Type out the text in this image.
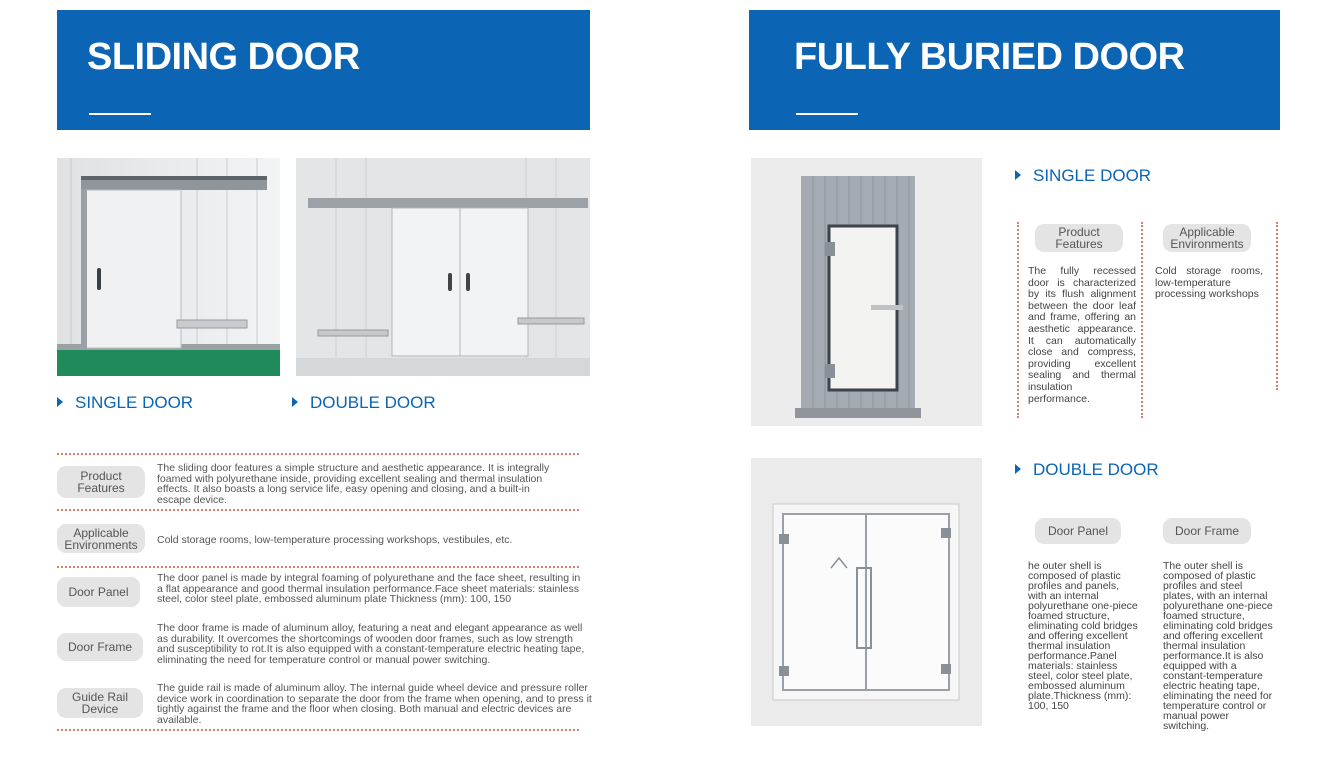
SLIDING DOOR
SINGLE DOOR	DOUBLE DOOR
Product Features
The sliding door features a simple structure and aesthetic appearance. It is integrally foamed with polyurethane inside, providing excellent sealing and thermal insulation effects. It also boasts a long service life, easy opening and closing, and a built-in escape device.
Applicable Environments	Cold storage rooms, low-temperature processing workshops, vestibules, etc.
Door Panel
The door panel is made by integral foaming of polyurethane and the face sheet, resulting in a flat appearance and good thermal insulation performance.Face sheet materials: stainless steel, color steel plate, embossed aluminum plate Thickness (mm): 100, 150
Door Frame
The door frame is made of aluminum alloy, featuring a neat and elegant appearance as well as durability. It overcomes the shortcomings of wooden door frames, such as low strength and susceptibility to rot.It is also equipped with a constant-temperature electric heating tape, eliminating the need for temperature control or manual power switching.
Guide Rail Device
The guide rail is made of aluminum alloy. The internal guide wheel device and pressure roller device work in coordination to separate the door from the frame when opening, and to press it tightly against the frame and the floor when closing. Both manual and electric devices are available.
FULLY BURIED DOOR
SINGLE DOOR
Product Features
The fully recessed door is characterized by its flush alignment between the door leaf and frame, offering an aesthetic appearance. It can automatically close and compress, providing excellent sealing and thermal insulation performance.
Applicable Environments
Cold storage rooms, low-temperature processing workshops
DOUBLE DOOR
Door Panel
he outer shell is composed of plastic profiles and panels, with an internal polyurethane one-piece foamed structure, eliminating cold bridges and offering excellent thermal insulation performance.Panel materials: stainless steel, color steel plate, embossed aluminum plate.Thickness (mm): 100, 150
Door Frame
The outer shell is composed of plastic profiles and steel plates, with an internal polyurethane one-piece foamed structure, eliminating cold bridges and offering excellent thermal insulation performance.It is also equipped with a constant-temperature electric heating tape, eliminating the need for temperature control or manual power switching.
